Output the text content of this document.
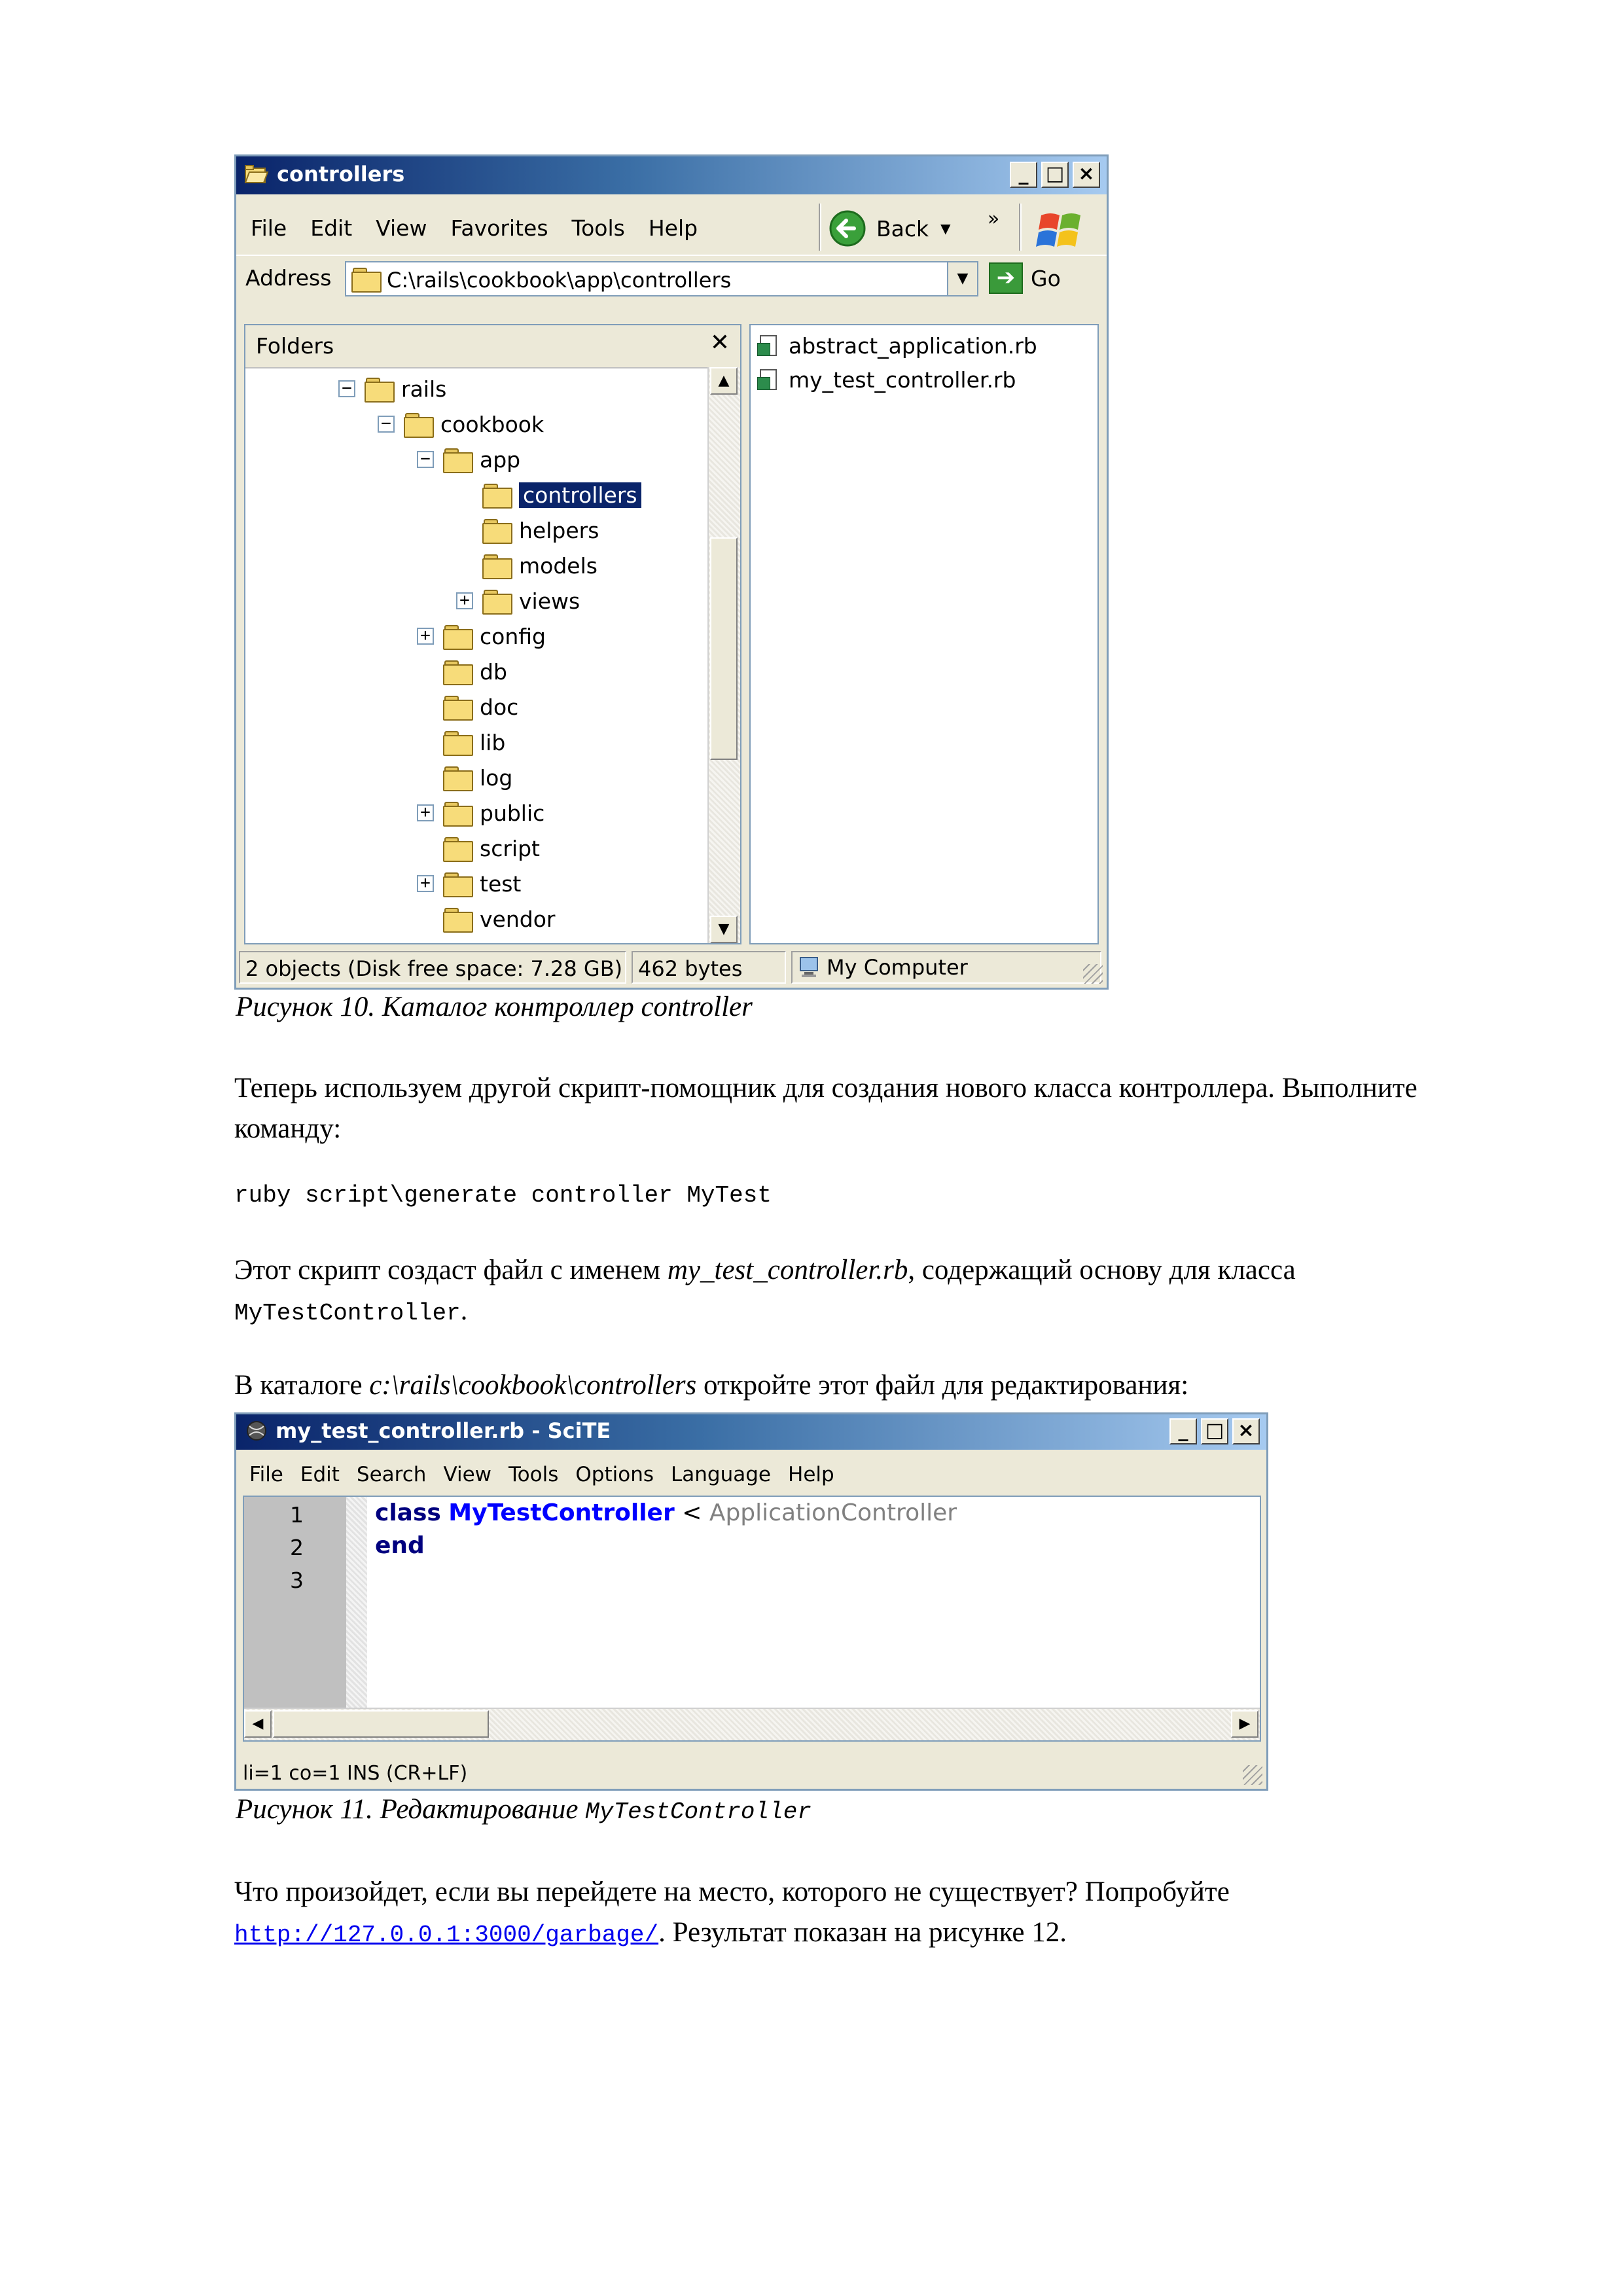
controllers	_ □ ×
File	Edit	View	Favorites	Tools	Help	Back ▼ »
Address	C:\rails\cookbook\app\controllers	▼	➔ Go
Folders	✕
− rails
− cookbook
− app
controllers
helpers
models
+ views
+ config
db
doc
lib
log
+ public
script
+ test
vendor
▲
▼
abstract_application.rb
my_test_controller.rb
2 objects (Disk free space: 7.28 GB) 462 bytes	My Computer
Рисунок 10. Каталог контроллер controller
Теперь используем другой скрипт-помощник для создания нового класса контроллера. Выполните команду:
ruby script\generate controller MyTest
Этот скрипт создаст файл с именем my_test_controller.rb, содержащий основу для класса
MyTestController.
В каталоге c:\rails\cookbook\controllers откройте этот файл для редактирования:
my_test_controller.rb - SciTE	_ □ ×
File Edit Search View Tools Options Language Help
1
2
3
class MyTestController < ApplicationController
end
◀	▶
li=1 co=1 INS (CR+LF)
Рисунок 11. Редактирование MyTestController
Что произойдет, если вы перейдете на место, которого не существует? Попробуйте
http://127.0.0.1:3000/garbage/. Результат показан на рисунке 12.
